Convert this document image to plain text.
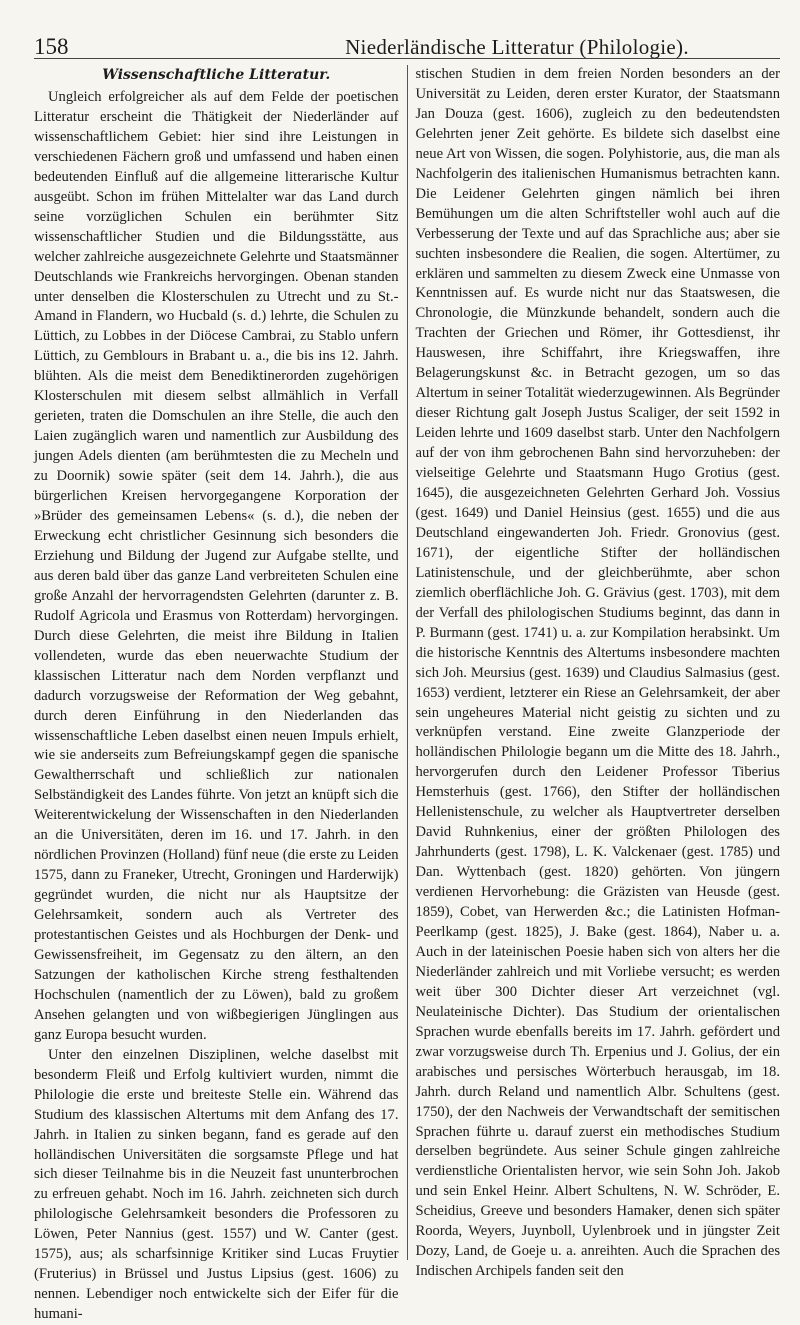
158	Niederländische Litteratur (Philologie).
Wissenschaftliche Litteratur.

Ungleich erfolgreicher als auf dem Felde der poetischen Litteratur erscheint die Thätigkeit der Niederländer auf wissenschaftlichem Gebiet: hier sind ihre Leistungen in verschiedenen Fächern groß und umfassend und haben einen bedeutenden Einfluß auf die allgemeine litterarische Kultur ausgeübt. Schon im frühen Mittelalter war das Land durch seine vorzüglichen Schulen ein berühmter Sitz wissenschaftlicher Studien und die Bildungsstätte, aus welcher zahlreiche ausgezeichnete Gelehrte und Staatsmänner Deutschlands wie Frankreichs hervorgingen. Obenan standen unter denselben die Klosterschulen zu Utrecht und zu St.-Amand in Flandern, wo Hucbald (s. d.) lehrte, die Schulen zu Lüttich, zu Lobbes in der Diöcese Cambrai, zu Stablo unfern Lüttich, zu Gemblours in Brabant u. a., die bis ins 12. Jahrh. blühten. Als die meist dem Benediktinerorden zugehörigen Klosterschulen mit diesem selbst allmählich in Verfall gerieten, traten die Domschulen an ihre Stelle, die auch den Laien zugänglich waren und namentlich zur Ausbildung des jungen Adels dienten (am berühmtesten die zu Mecheln und zu Doornik) sowie später (seit dem 14. Jahrh.), die aus bürgerlichen Kreisen hervorgegangene Korporation der »Brüder des gemeinsamen Lebens« (s. d.), die neben der Erweckung echt christlicher Gesinnung sich besonders die Erziehung und Bildung der Jugend zur Aufgabe stellte, und aus deren bald über das ganze Land verbreiteten Schulen eine große Anzahl der hervorragendsten Gelehrten (darunter z. B. Rudolf Agricola und Erasmus von Rotterdam) hervorgingen. Durch diese Gelehrten, die meist ihre Bildung in Italien vollendeten, wurde das eben neuerwachte Studium der klassischen Litteratur nach dem Norden verpflanzt und dadurch vorzugsweise der Reformation der Weg gebahnt, durch deren Einführung in den Niederlanden das wissenschaftliche Leben daselbst einen neuen Impuls erhielt, wie sie anderseits zum Befreiungskampf gegen die spanische Gewaltherrschaft und schließlich zur nationalen Selbständigkeit des Landes führte. Von jetzt an knüpft sich die Weiterentwickelung der Wissenschaften in den Niederlanden an die Universitäten, deren im 16. und 17. Jahrh. in den nördlichen Provinzen (Holland) fünf neue (die erste zu Leiden 1575, dann zu Franeker, Utrecht, Groningen und Harderwijk) gegründet wurden, die nicht nur als Hauptsitze der Gelehrsamkeit, sondern auch als Vertreter des protestantischen Geistes und als Hochburgen der Denk- und Gewissensfreiheit, im Gegensatz zu den ältern, an den Satzungen der katholischen Kirche streng festhaltenden Hochschulen (namentlich der zu Löwen), bald zu großem Ansehen gelangten und von wißbegierigen Jünglingen aus ganz Europa besucht wurden.

Unter den einzelnen Disziplinen, welche daselbst mit besonderm Fleiß und Erfolg kultiviert wurden, nimmt die Philologie die erste und breiteste Stelle ein. Während das Studium des klassischen Altertums mit dem Anfang des 17. Jahrh. in Italien zu sinken begann, fand es gerade auf den holländischen Universitäten die sorgsamste Pflege und hat sich dieser Teilnahme bis in die Neuzeit fast ununterbrochen zu erfreuen gehabt. Noch im 16. Jahrh. zeichneten sich durch philologische Gelehrsamkeit besonders die Professoren zu Löwen, Peter Nannius (gest. 1557) und W. Canter (gest. 1575), aus; als scharfsinnige Kritiker sind Lucas Fruytier (Fruterius) in Brüssel und Justus Lipsius (gest. 1606) zu nennen. Lebendiger noch entwickelte sich der Eifer für die humani-

stischen Studien in dem freien Norden besonders an der Universität zu Leiden, deren erster Kurator, der Staatsmann Jan Douza (gest. 1606), zugleich zu den bedeutendsten Gelehrten jener Zeit gehörte. Es bildete sich daselbst eine neue Art von Wissen, die sogen. Polyhistorie, aus, die man als Nachfolgerin des italienischen Humanismus betrachten kann. Die Leidener Gelehrten gingen nämlich bei ihren Bemühungen um die alten Schriftsteller wohl auch auf die Verbesserung der Texte und auf das Sprachliche aus; aber sie suchten insbesondere die Realien, die sogen. Altertümer, zu erklären und sammelten zu diesem Zweck eine Unmasse von Kenntnissen auf. Es wurde nicht nur das Staatswesen, die Chronologie, die Münzkunde behandelt, sondern auch die Trachten der Griechen und Römer, ihr Gottesdienst, ihr Hauswesen, ihre Schiffahrt, ihre Kriegswaffen, ihre Belagerungskunst &c. in Betracht gezogen, um so das Altertum in seiner Totalität wiederzugewinnen. Als Begründer dieser Richtung galt Joseph Justus Scaliger, der seit 1592 in Leiden lehrte und 1609 daselbst starb. Unter den Nachfolgern auf der von ihm gebrochenen Bahn sind hervorzuheben: der vielseitige Gelehrte und Staatsmann Hugo Grotius (gest. 1645), die ausgezeichneten Gelehrten Gerhard Joh. Vossius (gest. 1649) und Daniel Heinsius (gest. 1655) und die aus Deutschland eingewanderten Joh. Friedr. Gronovius (gest. 1671), der eigentliche Stifter der holländischen Latinistenschule, und der gleichberühmte, aber schon ziemlich oberflächliche Joh. G. Grävius (gest. 1703), mit dem der Verfall des philologischen Studiums beginnt, das dann in P. Burmann (gest. 1741) u. a. zur Kompilation herabsinkt. Um die historische Kenntnis des Altertums insbesondere machten sich Joh. Meursius (gest. 1639) und Claudius Salmasius (gest. 1653) verdient, letzterer ein Riese an Gelehrsamkeit, der aber sein ungeheures Material nicht geistig zu sichten und zu verknüpfen verstand. Eine zweite Glanzperiode der holländischen Philologie begann um die Mitte des 18. Jahrh., hervorgerufen durch den Leidener Professor Tiberius Hemsterhuis (gest. 1766), den Stifter der holländischen Hellenistenschule, zu welcher als Hauptvertreter derselben David Ruhnkenius, einer der größten Philologen des Jahrhunderts (gest. 1798), L. K. Valckenaer (gest. 1785) und Dan. Wyttenbach (gest. 1820) gehörten. Von jüngern verdienen Hervorhebung: die Gräzisten van Heusde (gest. 1859), Cobet, van Herwerden &c.; die Latinisten Hofman-Peerlkamp (gest. 1825), J. Bake (gest. 1864), Naber u. a. Auch in der lateinischen Poesie haben sich von alters her die Niederländer zahlreich und mit Vorliebe versucht; es werden weit über 300 Dichter dieser Art verzeichnet (vgl. Neulateinische Dichter). Das Studium der orientalischen Sprachen wurde ebenfalls bereits im 17. Jahrh. gefördert und zwar vorzugsweise durch Th. Erpenius und J. Golius, der ein arabisches und persisches Wörterbuch herausgab, im 18. Jahrh. durch Reland und namentlich Albr. Schultens (gest. 1750), der den Nachweis der Verwandtschaft der semitischen Sprachen führte u. darauf zuerst ein methodisches Studium derselben begründete. Aus seiner Schule gingen zahlreiche verdienstliche Orientalisten hervor, wie sein Sohn Joh. Jakob und sein Enkel Heinr. Albert Schultens, N. W. Schröder, E. Scheidius, Greeve und besonders Hamaker, denen sich später Roorda, Weyers, Juynboll, Uylenbroek und in jüngster Zeit Dozy, Land, de Goeje u. a. anreihten. Auch die Sprachen des Indischen Archipels fanden seit den
